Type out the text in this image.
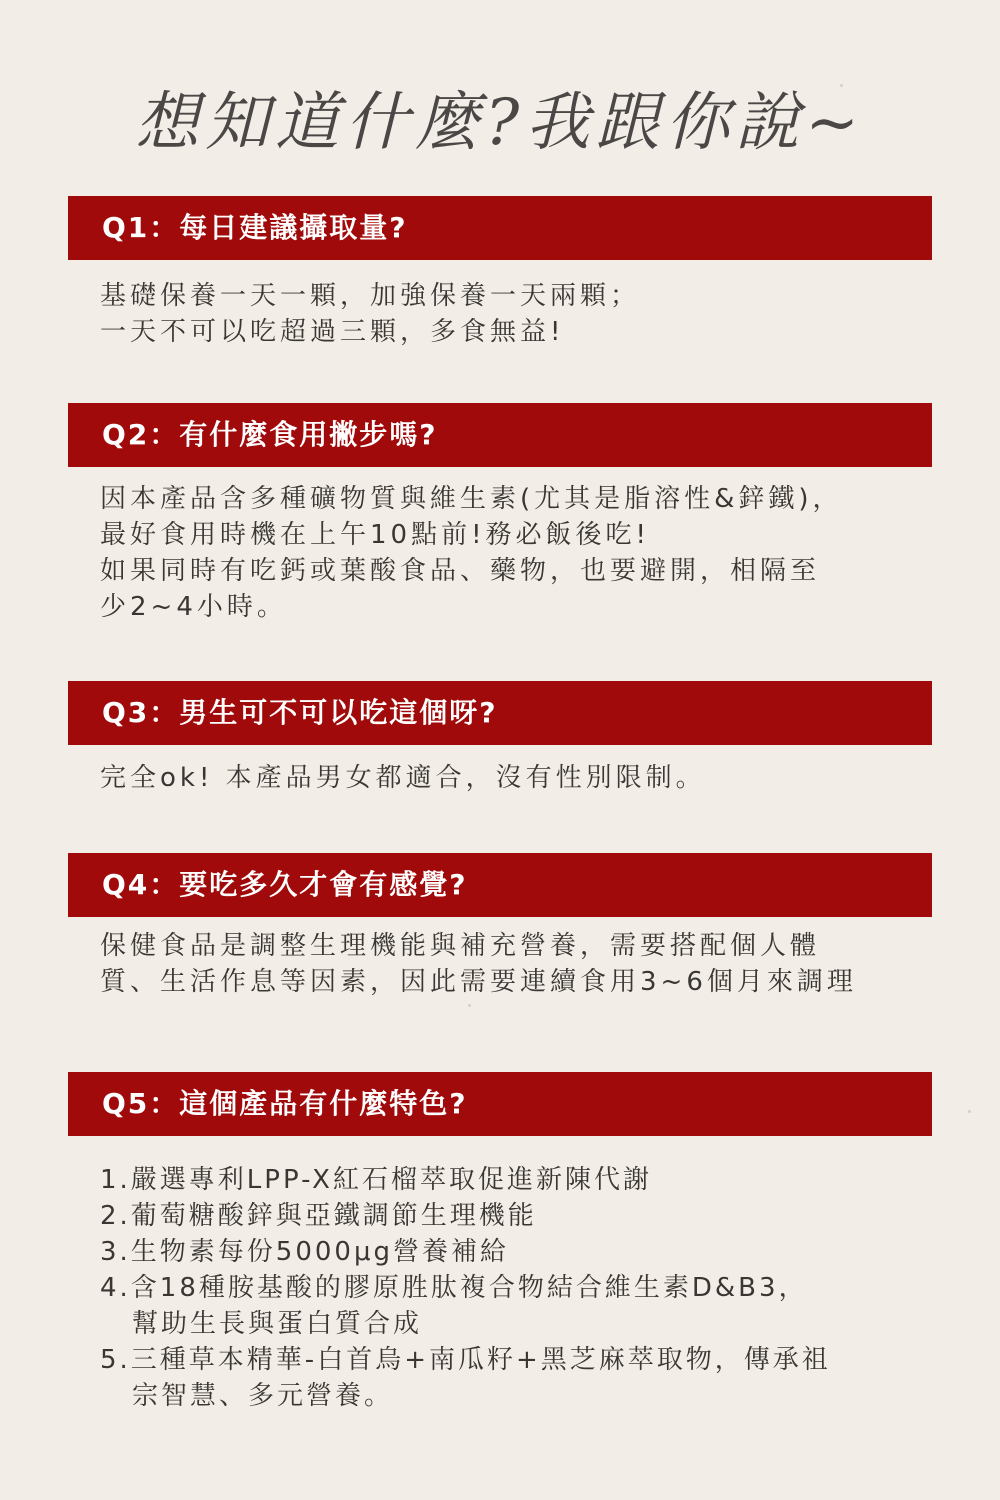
想知道什麼?我跟你說~
Q1：每日建議攝取量?

基礎保養一天一顆，加強保養一天兩顆；

一天不可以吃超過三顆，多食無益!

Q2：有什麼食用撇步嗎?

因本產品含多種礦物質與維生素(尤其是脂溶性&鋅鐵)，

最好食用時機在上午10點前!務必飯後吃!

如果同時有吃鈣或葉酸食品、藥物，也要避開，相隔至

少2~4小時。

Q3：男生可不可以吃這個呀?

完全ok! 本產品男女都適合，沒有性別限制。

Q4：要吃多久才會有感覺?

保健食品是調整生理機能與補充營養，需要搭配個人體

質、生活作息等因素，因此需要連續食用3~6個月來調理

Q5：這個產品有什麼特色?
1.嚴選專利LPP-X紅石榴萃取促進新陳代謝
2.葡萄糖酸鋅與亞鐵調節生理機能
3.生物素每份5000μg營養補給
4.含18種胺基酸的膠原胜肽複合物結合維生素D&B3，
幫助生長與蛋白質合成
5.三種草本精華-白首烏+南瓜籽+黑芝麻萃取物，傳承祖
宗智慧、多元營養。
